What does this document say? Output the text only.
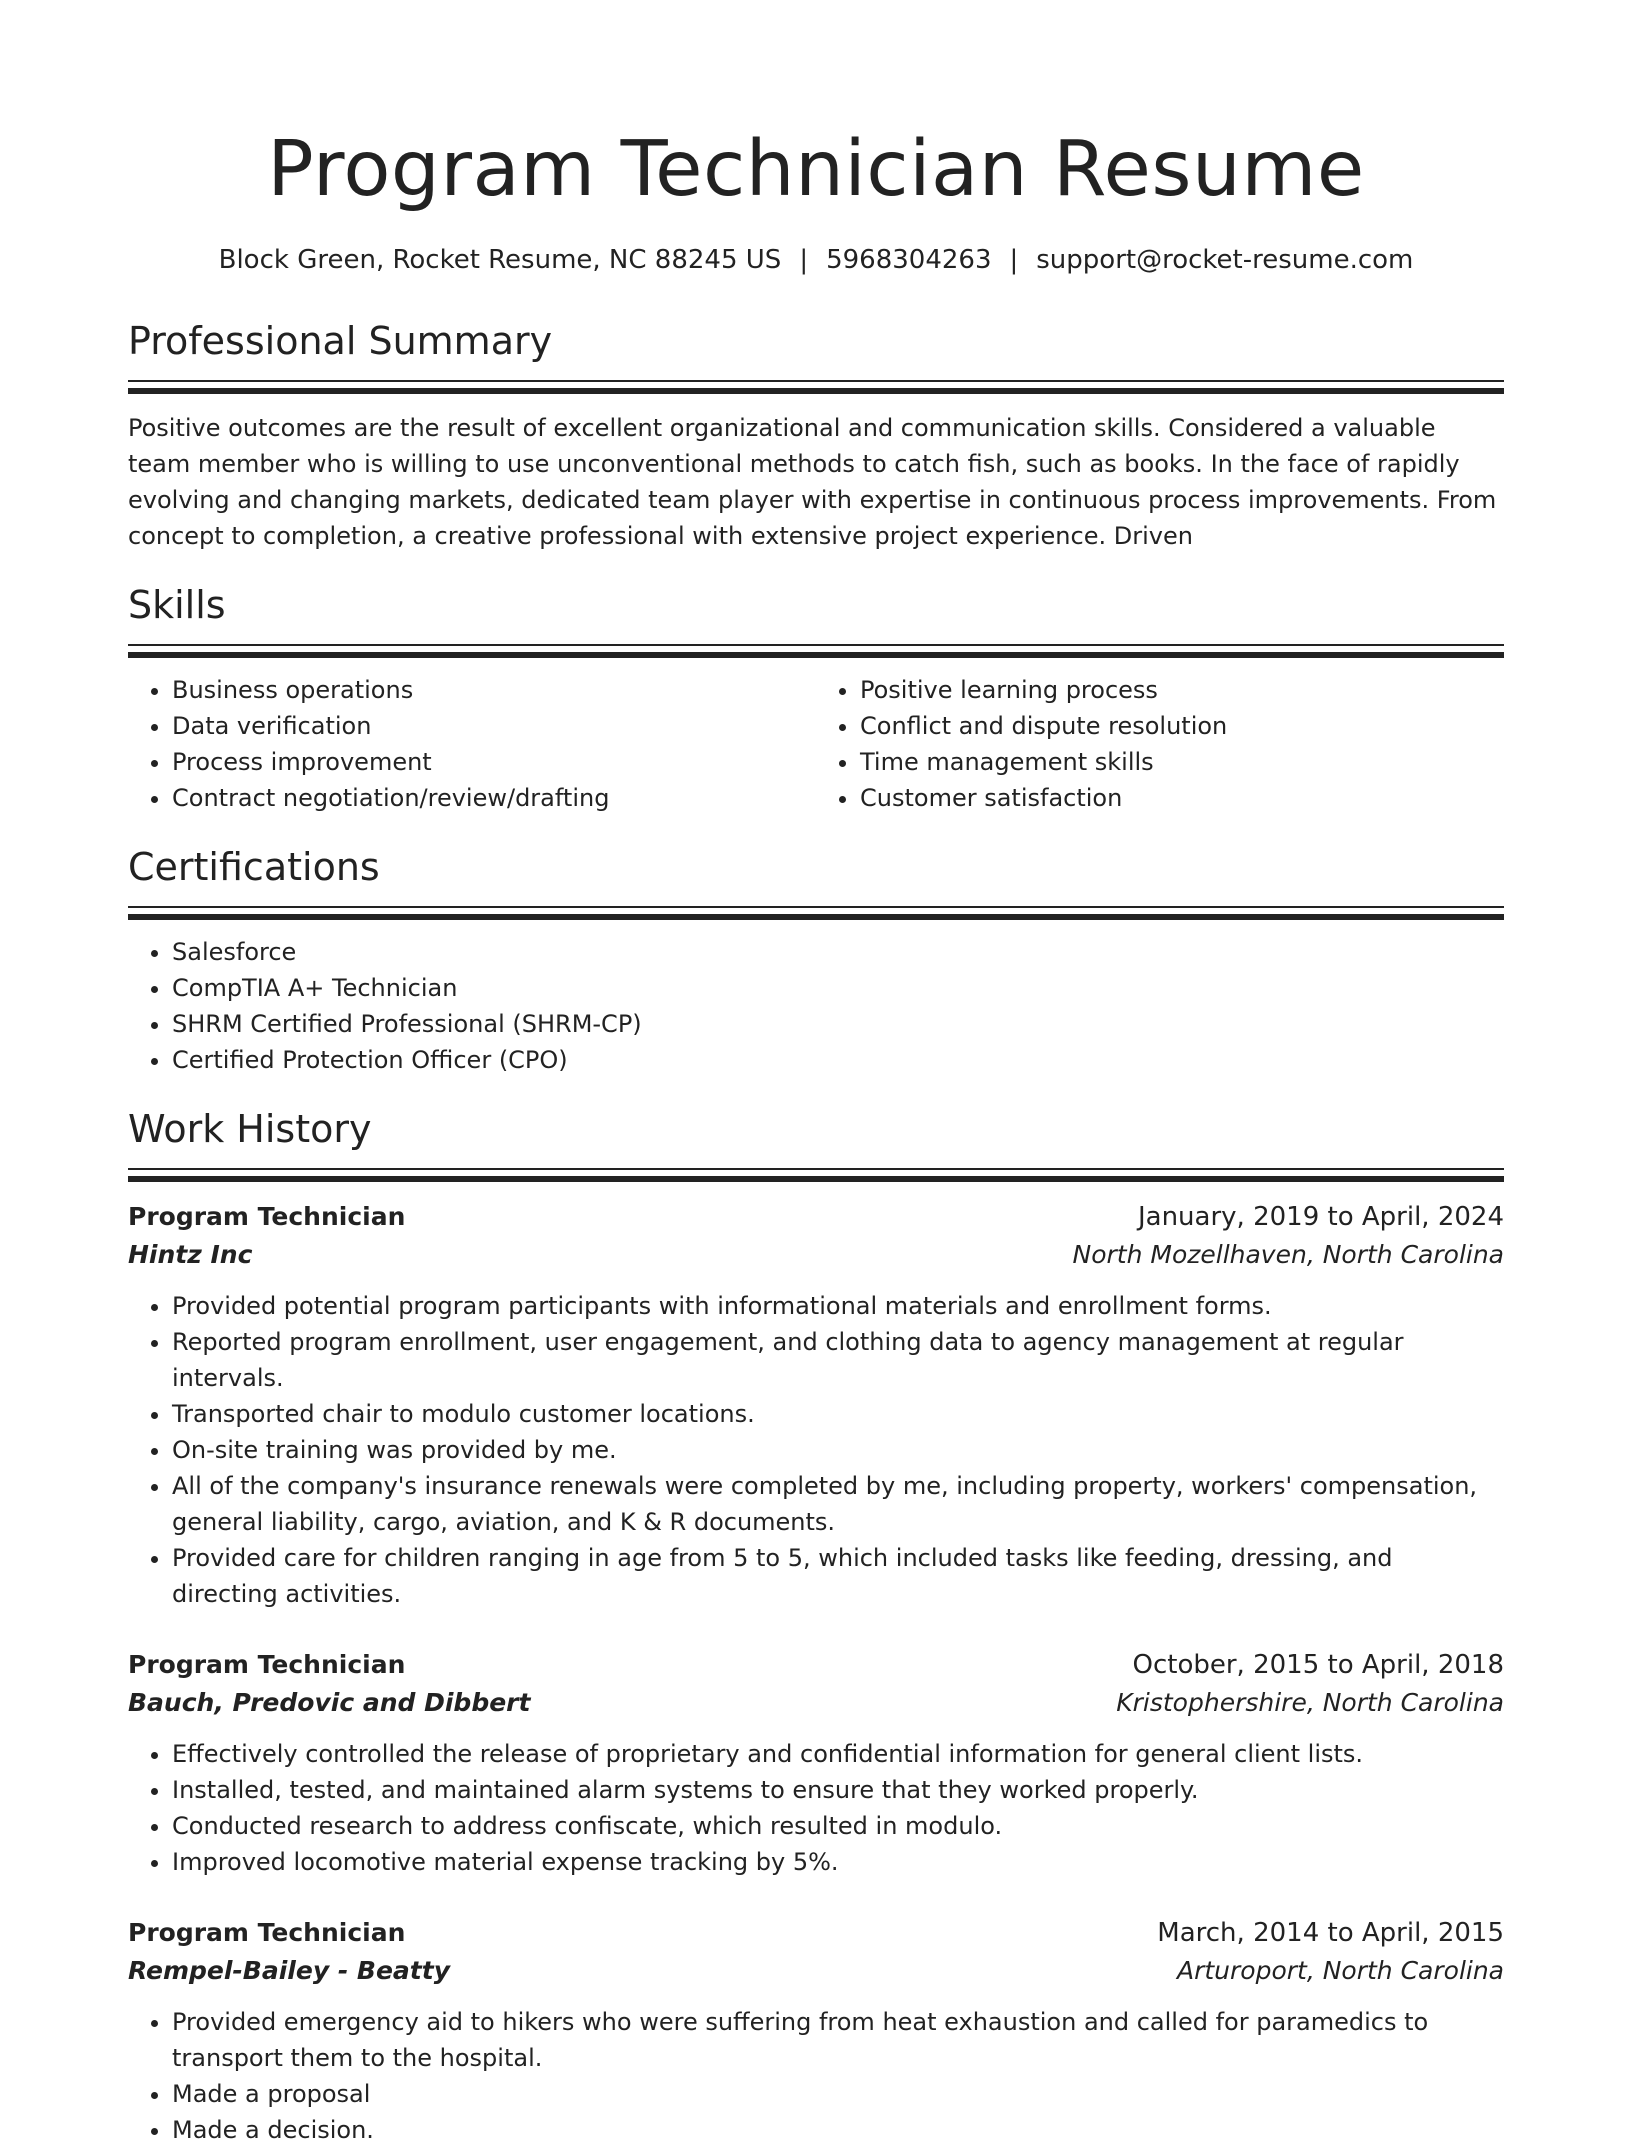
Program Technician Resume
Block Green, Rocket Resume, NC 88245 US | 5968304263 | support@rocket-resume.com
Professional Summary
Positive outcomes are the result of excellent organizational and communication skills. Considered a valuable team member who is willing to use unconventional methods to catch fish, such as books. In the face of rapidly evolving and changing markets, dedicated team player with expertise in continuous process improvements. From concept to completion, a creative professional with extensive project experience. Driven
Skills
• Business operations
• Data verification
• Process improvement
• Contract negotiation/review/drafting
• Positive learning process
• Conflict and dispute resolution
• Time management skills
• Customer satisfaction
Certifications
• Salesforce
• CompTIA A+ Technician
• SHRM Certified Professional (SHRM-CP)
• Certified Protection Officer (CPO)
Work History
Program Technician	January, 2019 to April, 2024
Hintz Inc	North Mozellhaven, North Carolina
• Provided potential program participants with informational materials and enrollment forms.
• Reported program enrollment, user engagement, and clothing data to agency management at regular intervals.
• Transported chair to modulo customer locations.
• On-site training was provided by me.
• All of the company's insurance renewals were completed by me, including property, workers' compensation, general liability, cargo, aviation, and K & R documents.
• Provided care for children ranging in age from 5 to 5, which included tasks like feeding, dressing, and directing activities.
Program Technician	October, 2015 to April, 2018
Bauch, Predovic and Dibbert	Kristophershire, North Carolina
• Effectively controlled the release of proprietary and confidential information for general client lists.
• Installed, tested, and maintained alarm systems to ensure that they worked properly.
• Conducted research to address confiscate, which resulted in modulo.
• Improved locomotive material expense tracking by 5%.
Program Technician	March, 2014 to April, 2015
Rempel-Bailey - Beatty	Arturoport, North Carolina
• Provided emergency aid to hikers who were suffering from heat exhaustion and called for paramedics to transport them to the hospital.
• Made a proposal
• Made a decision.
